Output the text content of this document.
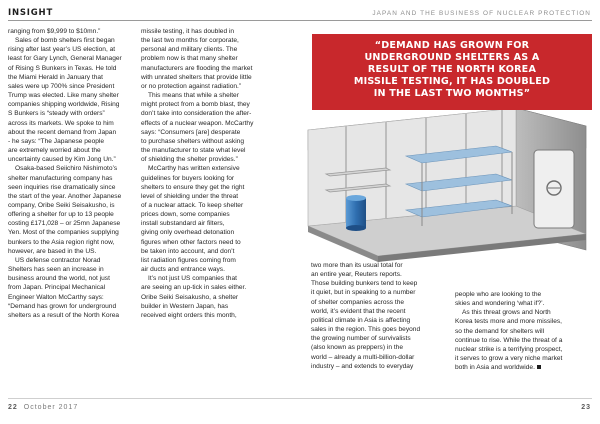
INSIGHT	JAPAN AND THE BUSINESS OF NUCLEAR PROTECTION

ranging from $9,999 to $10mn.”

Sales of bomb shelters first began

rising after last year’s US election, at

least for Gary Lynch, General Manager

of Rising S Bunkers in Texas. He told

the Miami Herald in January that

sales were up 700% since President

Trump was elected. Like many shelter

companies shipping worldwide, Rising

S Bunkers is “steady with orders”

across its markets. We spoke to him

about the recent demand from Japan

- he says: “The Japanese people

are extremely worried about the

uncertainty caused by Kim Jong Un.”

Osaka-based Seiichiro Nishimoto’s

shelter manufacturing company has

seen inquiries rise dramatically since

the start of the year. Another Japanese

company, Oribe Seiki Seisakusho, is

offering a shelter for up to 13 people

costing £171,028 – or 25mn Japanese

Yen. Most of the companies supplying

bunkers to the Asia region right now,

however, are based in the US.

US defense contractor Norad

Shelters has seen an increase in

business around the world, not just

from Japan. Principal Mechanical

Engineer Walton McCarthy says:

“Demand has grown for underground

shelters as a result of the North Korea

missile testing, it has doubled in

the last two months for corporate,

personal and military clients. The

problem now is that many shelter

manufacturers are flooding the market

with unrated shelters that provide little

or no protection against radiation.”

This means that while a shelter

might protect from a bomb blast, they

don’t take into consideration the after-

effects of a nuclear weapon. McCarthy

says: “Consumers [are] desperate

to purchase shelters without asking

the manufacturer to state what level

of shielding the shelter provides.”

McCarthy has written extensive

guidelines for buyers looking for

shelters to ensure they get the right

level of shielding under the threat

of a nuclear attack. To keep shelter

prices down, some companies

install substandard air filters,

giving only overhead detonation

figures when other factors need to

be taken into account, and don’t

list radiation figures coming from

air ducts and entrance ways.

It’s not just US companies that

are seeing an up-tick in sales either.

Oribe Seiki Seisakusho, a shelter

builder in Western Japan, has

received eight orders this month,

two more than its usual total for

an entire year, Reuters reports.

Those building bunkers tend to keep

it quiet, but in speaking to a number

of shelter companies across the

world, it’s evident that the recent

political climate in Asia is affecting

sales in the region. This goes beyond

the growing number of survivalists

(also known as preppers) in the

world – already a multi-billion-dollar

industry – and extends to everyday

people who are looking to the

skies and wondering ‘what if?’.

As this threat grows and North

Korea tests more and more missiles,

so the demand for shelters will

continue to rise. While the threat of a

nuclear strike is a terrifying prospect,

it serves to grow a very niche market

both in Asia and worldwide.

“DEMAND HAS GROWN FOR

UNDERGROUND SHELTERS AS A

RESULT OF THE NORTH KOREA

MISSILE TESTING, IT HAS DOUBLED

IN THE LAST TWO MONTHS”

22 October 2017	23
